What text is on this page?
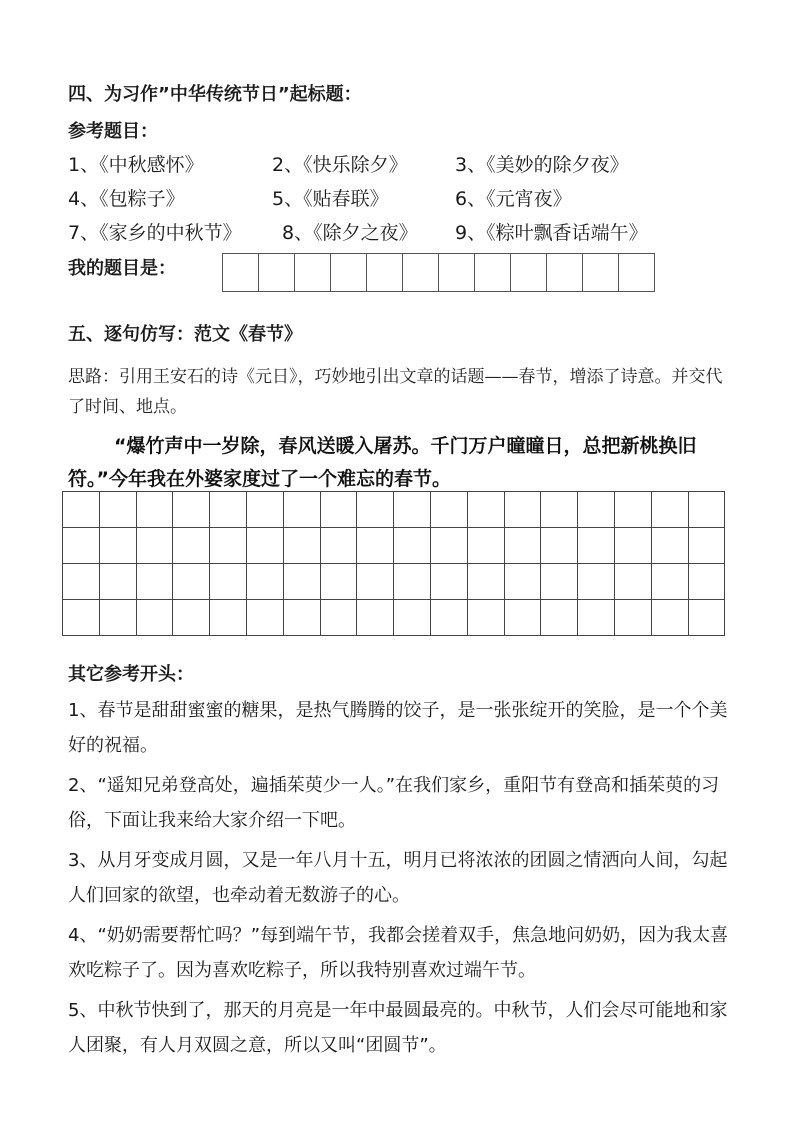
四、为习作”中华传统节日”起标题：
参考题目：
1、《中秋感怀》	2、《快乐除夕》 3、《美妙的除夕夜》
4、《包粽子》	5、《贴春联》	6、《元宵夜》
7、《家乡的中秋节》 8、《除夕之夜》 9、《粽叶飘香话端午》
我的题目是：
五、逐句仿写：范文《春节》
思路：引用王安石的诗《元日》，巧妙地引出文章的话题——春节，增添了诗意。并交代了时间、地点。
“爆竹声中一岁除，春风送暖入屠苏。千门万户曈曈日，总把新桃换旧符。”今年我在外婆家度过了一个难忘的春节。
其它参考开头：
1、春节是甜甜蜜蜜的糖果，是热气腾腾的饺子，是一张张绽开的笑脸，是一个个美好的祝福。
2、“遥知兄弟登高处，遍插茱萸少一人。”在我们家乡，重阳节有登高和插茱萸的习俗，下面让我来给大家介绍一下吧。
3、从月牙变成月圆，又是一年八月十五，明月已将浓浓的团圆之情洒向人间，勾起人们回家的欲望，也牵动着无数游子的心。
4、“奶奶需要帮忙吗？”每到端午节，我都会搓着双手，焦急地问奶奶，因为我太喜欢吃粽子了。因为喜欢吃粽子，所以我特别喜欢过端午节。
5、中秋节快到了，那天的月亮是一年中最圆最亮的。中秋节，人们会尽可能地和家人团聚，有人月双圆之意，所以又叫“团圆节”。
